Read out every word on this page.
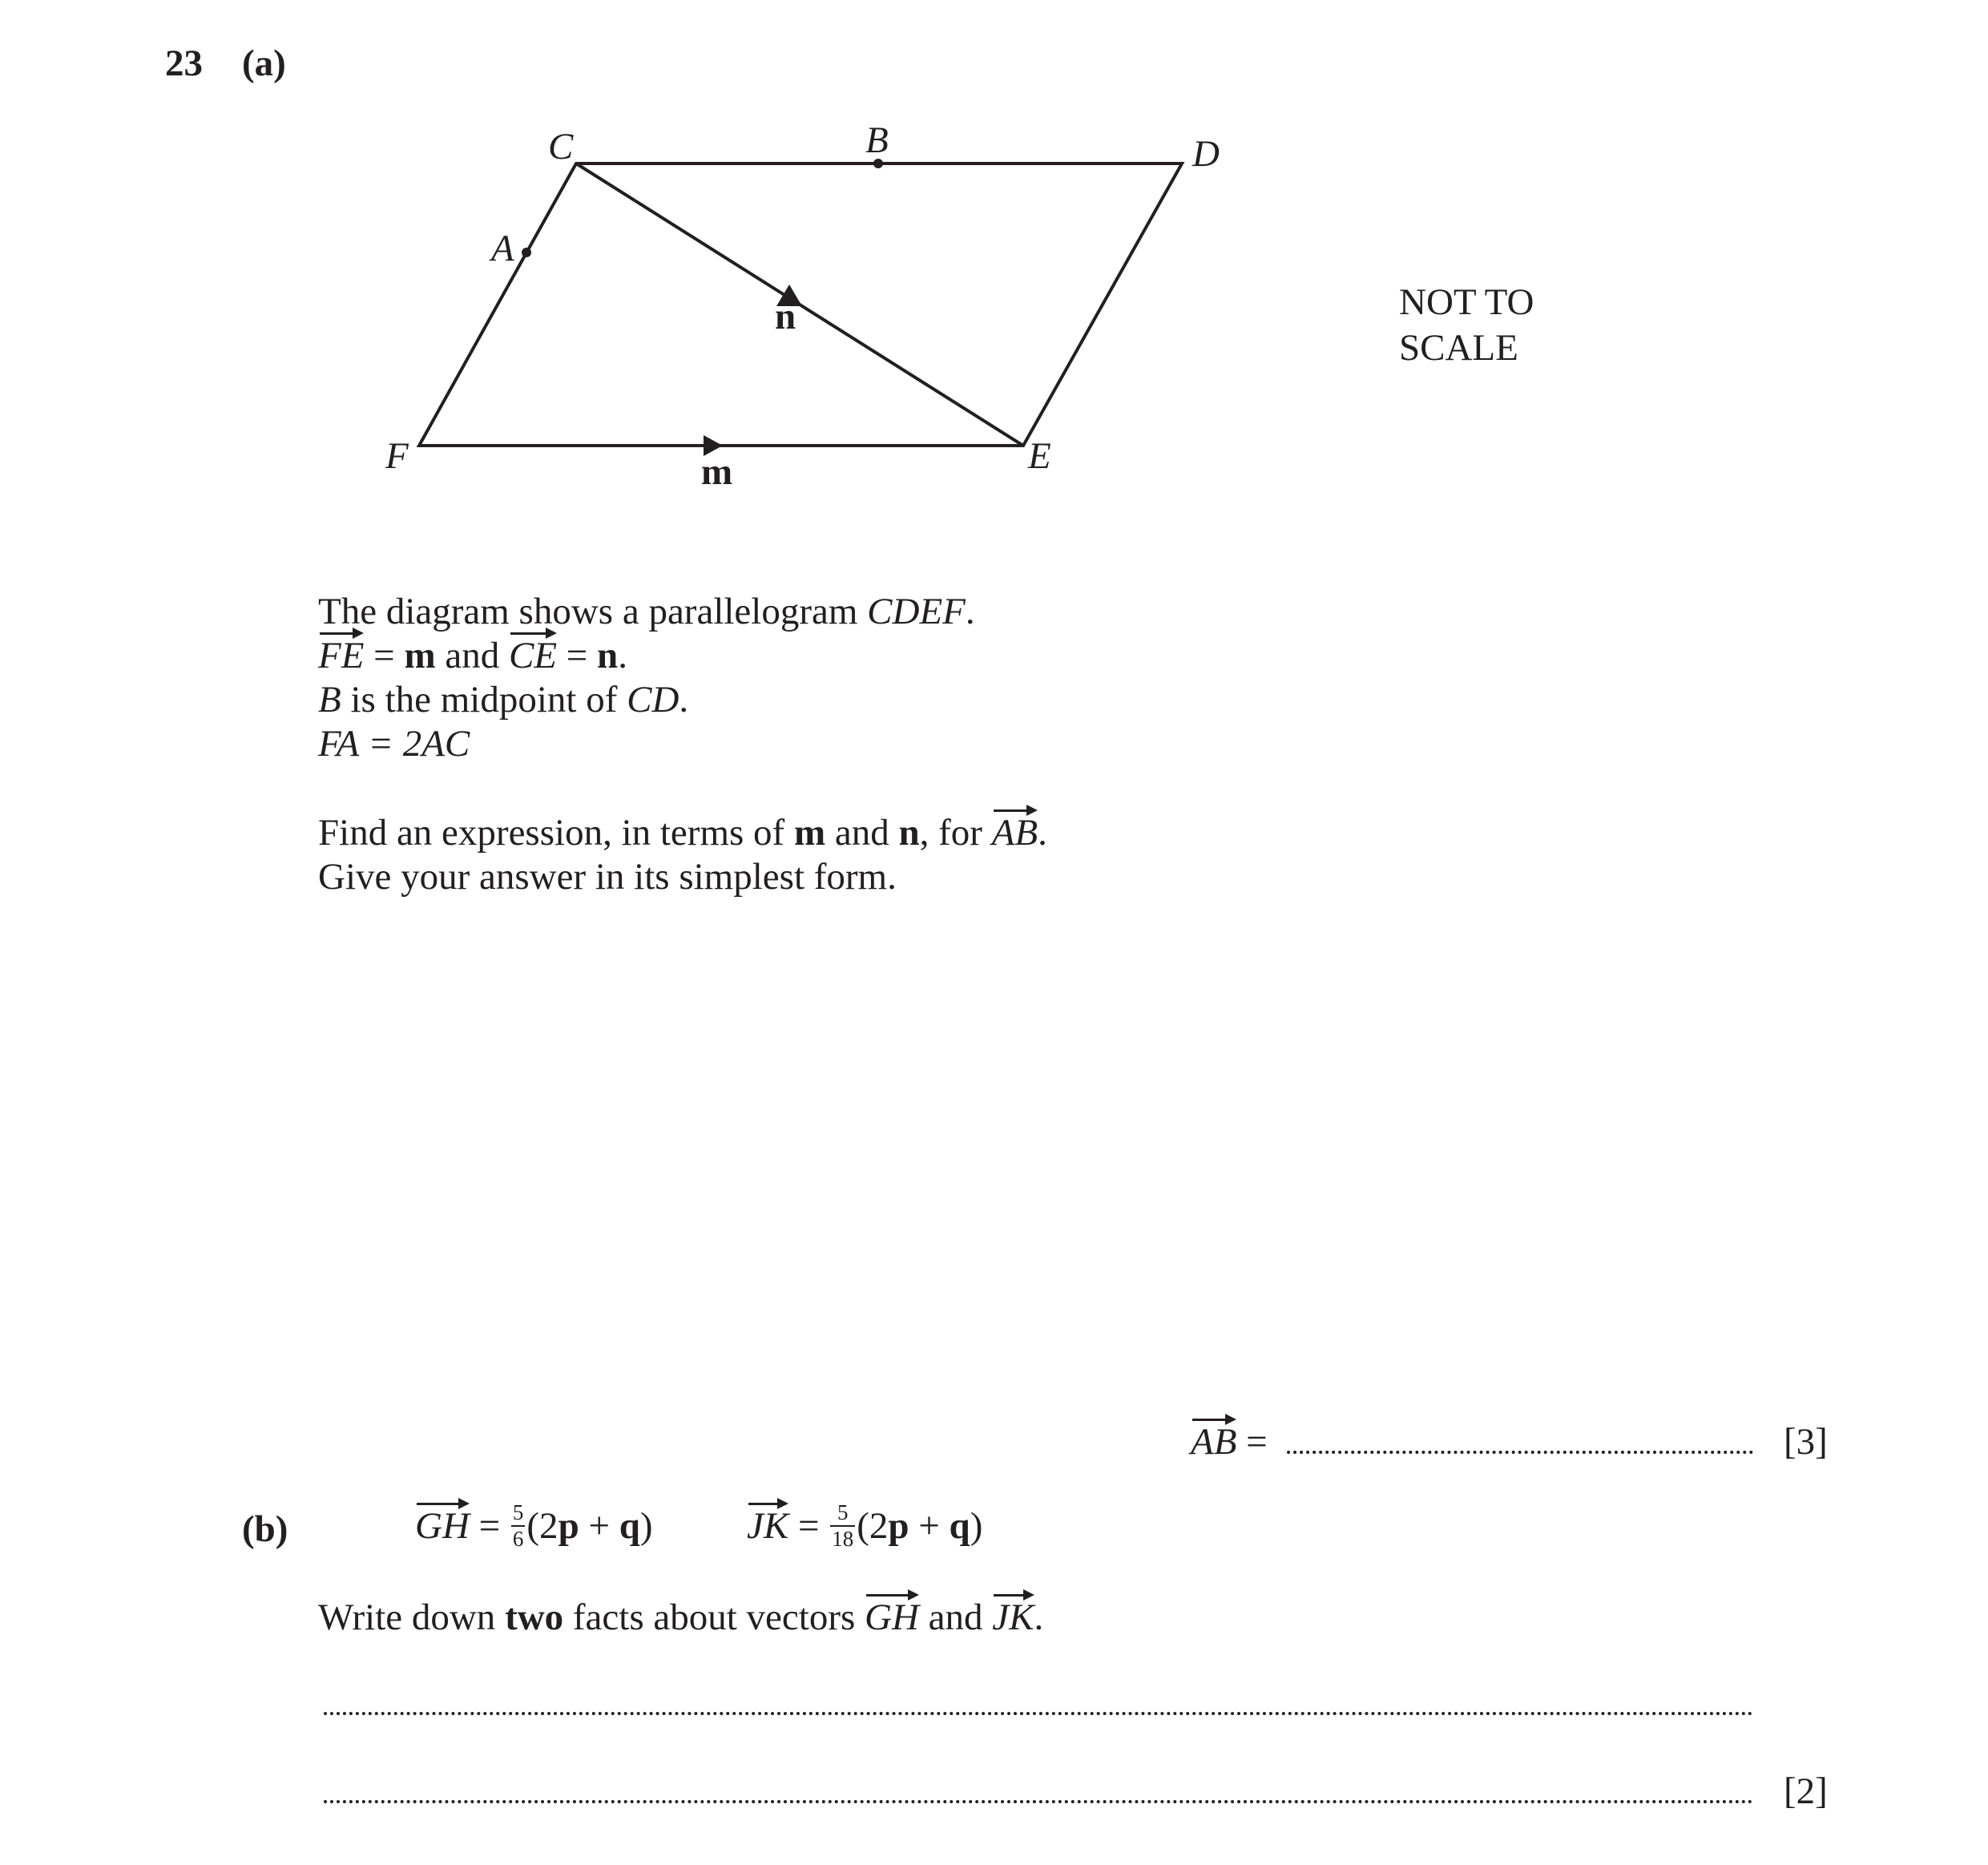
23 (a)
C	B	D
A
F	E
n
m
NOT TO
SCALE
The diagram shows a parallelogram CDEF.
FE = m and CE = n.
B is the midpoint of CD.
FA = 2AC
Find an expression, in terms of m and n, for AB.
Give your answer in its simplest form.
AB =	[3]
(b)	GH = $\frac{5}{6} (2$ p + q ) JK = $\frac{5}{18} (2$ p + q )
Write down two facts about vectors GH and JK.
[2]
